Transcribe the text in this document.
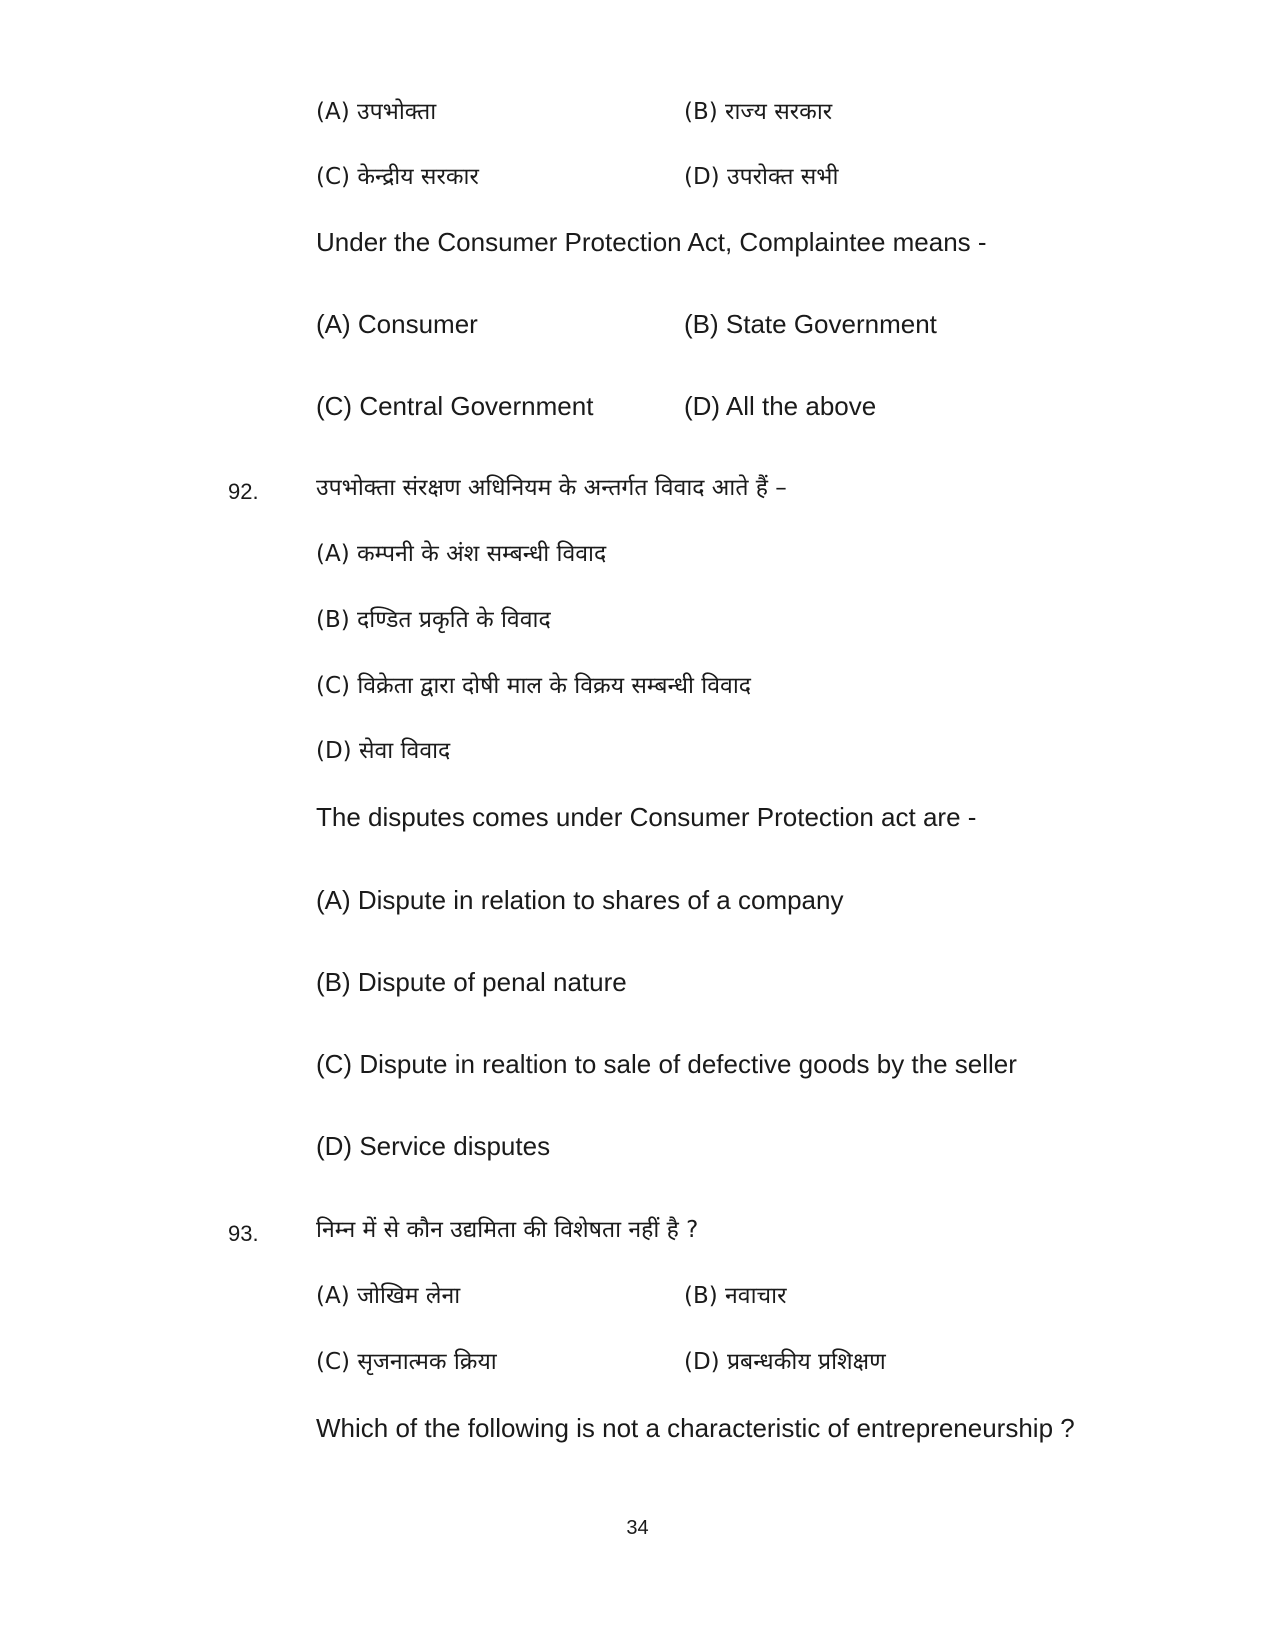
(A) उपभोक्ता	(B) राज्य सरकार
(C) केन्द्रीय सरकार	(D) उपरोक्त सभी
Under the Consumer Protection Act, Complaintee means -
(A) Consumer	(B) State Government
(C) Central Government	(D) All the above
92. उपभोक्ता संरक्षण अधिनियम के अन्तर्गत विवाद आते हैं –
(A) कम्पनी के अंश सम्बन्धी विवाद
(B) दण्डित प्रकृति के विवाद
(C) विक्रेता द्वारा दोषी माल के विक्रय सम्बन्धी विवाद
(D) सेवा विवाद
The disputes comes under Consumer Protection act are -
(A) Dispute in relation to shares of a company
(B) Dispute of penal nature
(C) Dispute in realtion to sale of defective goods by the seller
(D) Service disputes
93. निम्न में से कौन उद्यमिता की विशेषता नहीं है ?
(A) जोखिम लेना	(B) नवाचार
(C) सृजनात्मक क्रिया	(D) प्रबन्धकीय प्रशिक्षण
Which of the following is not a characteristic of entrepreneurship ?
34
